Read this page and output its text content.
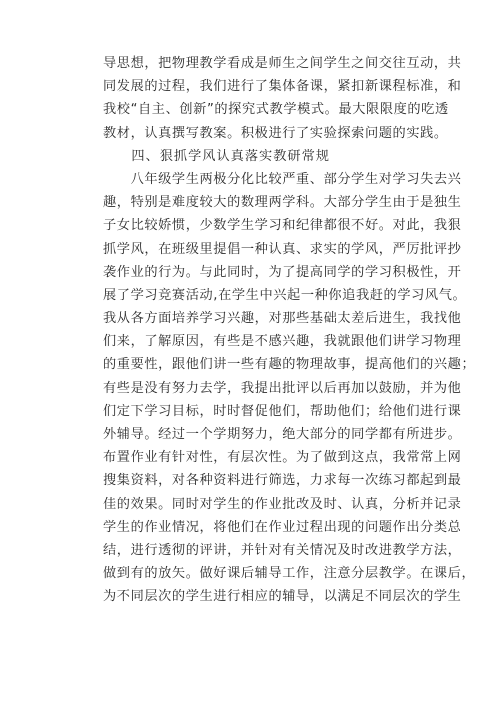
导思想，把物理教学看成是师生之间学生之间交往互动，共
同发展的过程，我们进行了集体备课，紧扣新课程标准，和
我校“自主、创新”的探究式教学模式。最大限限度的吃透
教材，认真撰写教案。积极进行了实验探索问题的实践。
　　四、狠抓学风认真落实教研常规
　　八年级学生两极分化比较严重、部分学生对学习失去兴
趣，特别是难度较大的数理两学科。大部分学生由于是独生
子女比较娇惯，少数学生学习和纪律都很不好。对此，我狠
抓学风，在班级里提倡一种认真、求实的学风，严厉批评抄
袭作业的行为。与此同时，为了提高同学的学习积极性，开
展了学习竞赛活动,在学生中兴起一种你追我赶的学习风气。
我从各方面培养学习兴趣，对那些基础太差后进生，我找他
们来，了解原因，有些是不感兴趣，我就跟他们讲学习物理
的重要性，跟他们讲一些有趣的物理故事，提高他们的兴趣；
有些是没有努力去学，我提出批评以后再加以鼓励，并为他
们定下学习目标，时时督促他们，帮助他们；给他们进行课
外辅导。经过一个学期努力，绝大部分的同学都有所进步。
布置作业有针对性，有层次性。为了做到这点，我常常上网
搜集资料，对各种资料进行筛选，力求每一次练习都起到最
佳的效果。同时对学生的作业批改及时、认真，分析并记录
学生的作业情况，将他们在作业过程出现的问题作出分类总
结，进行透彻的评讲，并针对有关情况及时改进教学方法，
做到有的放矢。做好课后辅导工作，注意分层教学。在课后，
为不同层次的学生进行相应的辅导，以满足不同层次的学生
